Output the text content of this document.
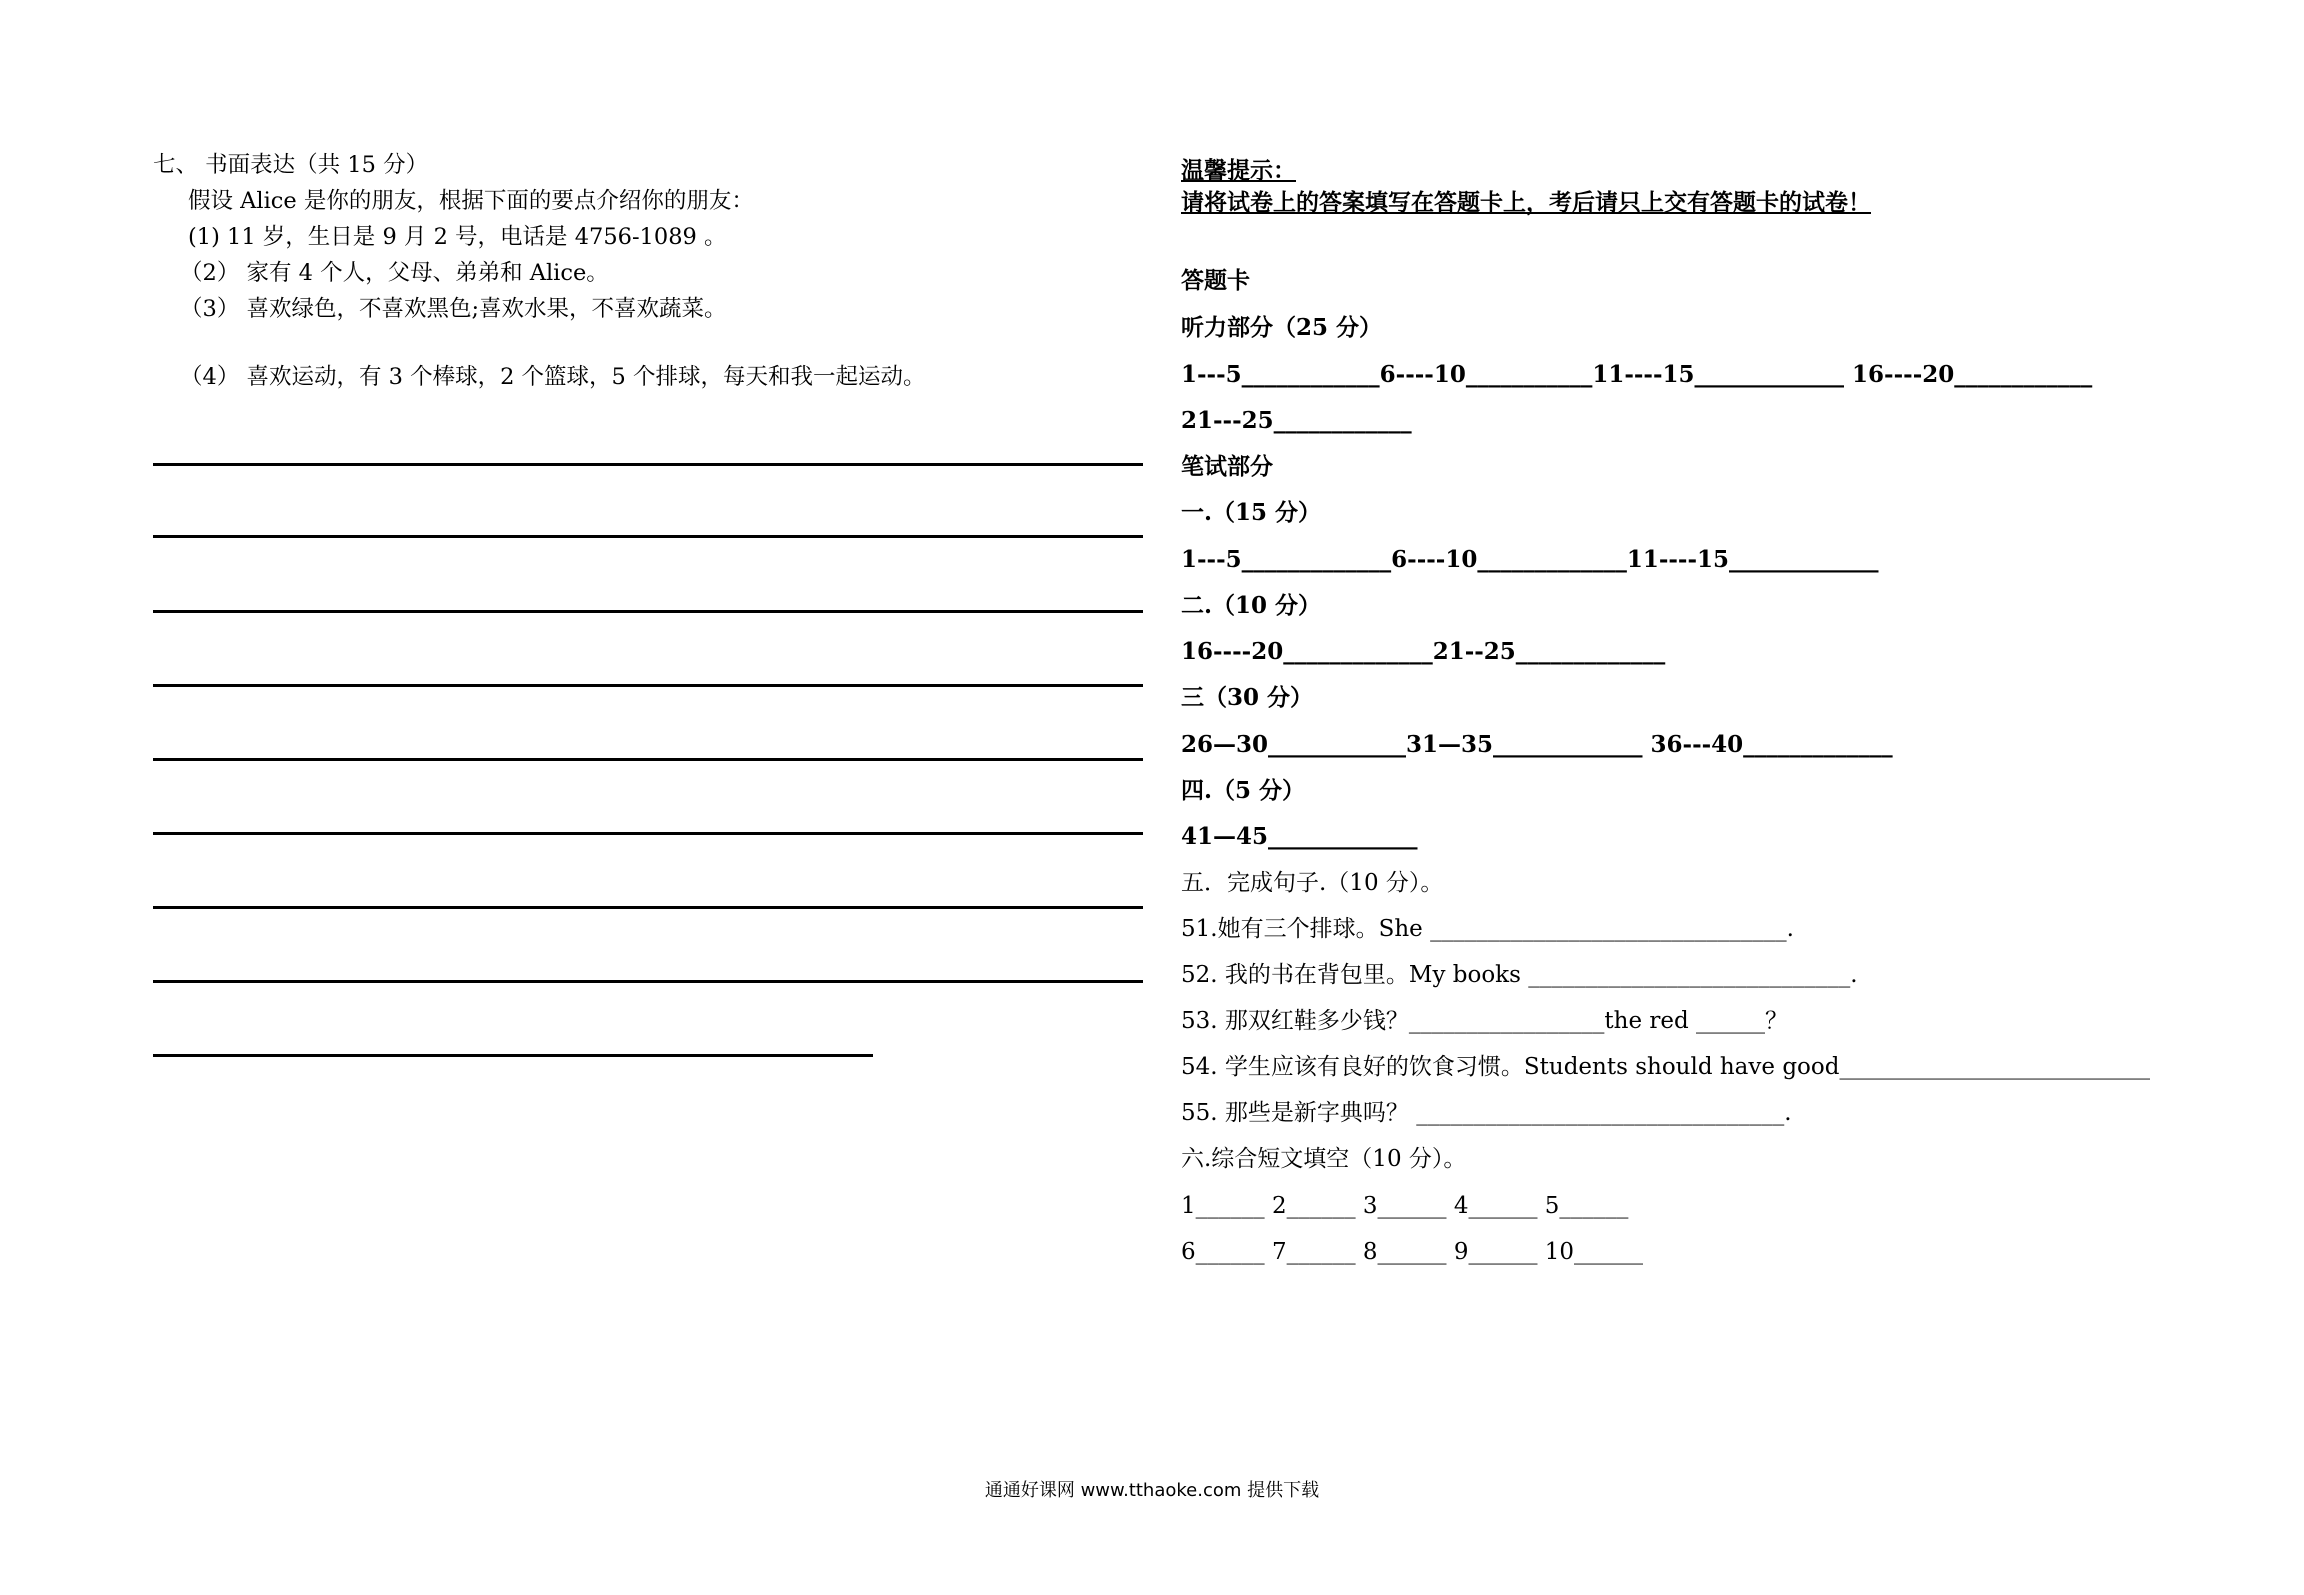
七、 书面表达（共 15 分）
假设 Alice 是你的朋友，根据下面的要点介绍你的朋友：
(1) 11 岁，生日是 9 月 2 号，电话是 4756-1089 。
（2） 家有 4 个人，父母、弟弟和 Alice。
（3） 喜欢绿色，不喜欢黑色;喜欢水果，不喜欢蔬菜。
（4） 喜欢运动，有 3 个棒球，2 个篮球，5 个排球，每天和我一起运动。
温馨提示：
请将试卷上的答案填写在答题卡上，考后请只上交有答题卡的试卷！
答题卡
听力部分（25 分）
1---5____________6----10___________11----15_____________ 16----20____________
21---25____________
笔试部分
一.（15 分）
1---5_____________6----10_____________11----15_____________
二.（10 分）
16----20_____________21--25_____________
三（30 分）
26—30____________31—35_____________ 36---40_____________
四.（5 分）
41—45_____________
五．完成句子.（10 分）。
51.她有三个排球。She _______________________________.
52. 我的书在背包里。My books ____________________________.
53. 那双红鞋多少钱？_________________the red ______？
54. 学生应该有良好的饮食习惯。Students should have good___________________________
55. 那些是新字典吗？ ________________________________.
六.综合短文填空（10 分）。
1______ 2______ 3______ 4______ 5______
6______ 7______ 8______ 9______ 10______
通通好课网 www.tthaoke.com 提供下载
